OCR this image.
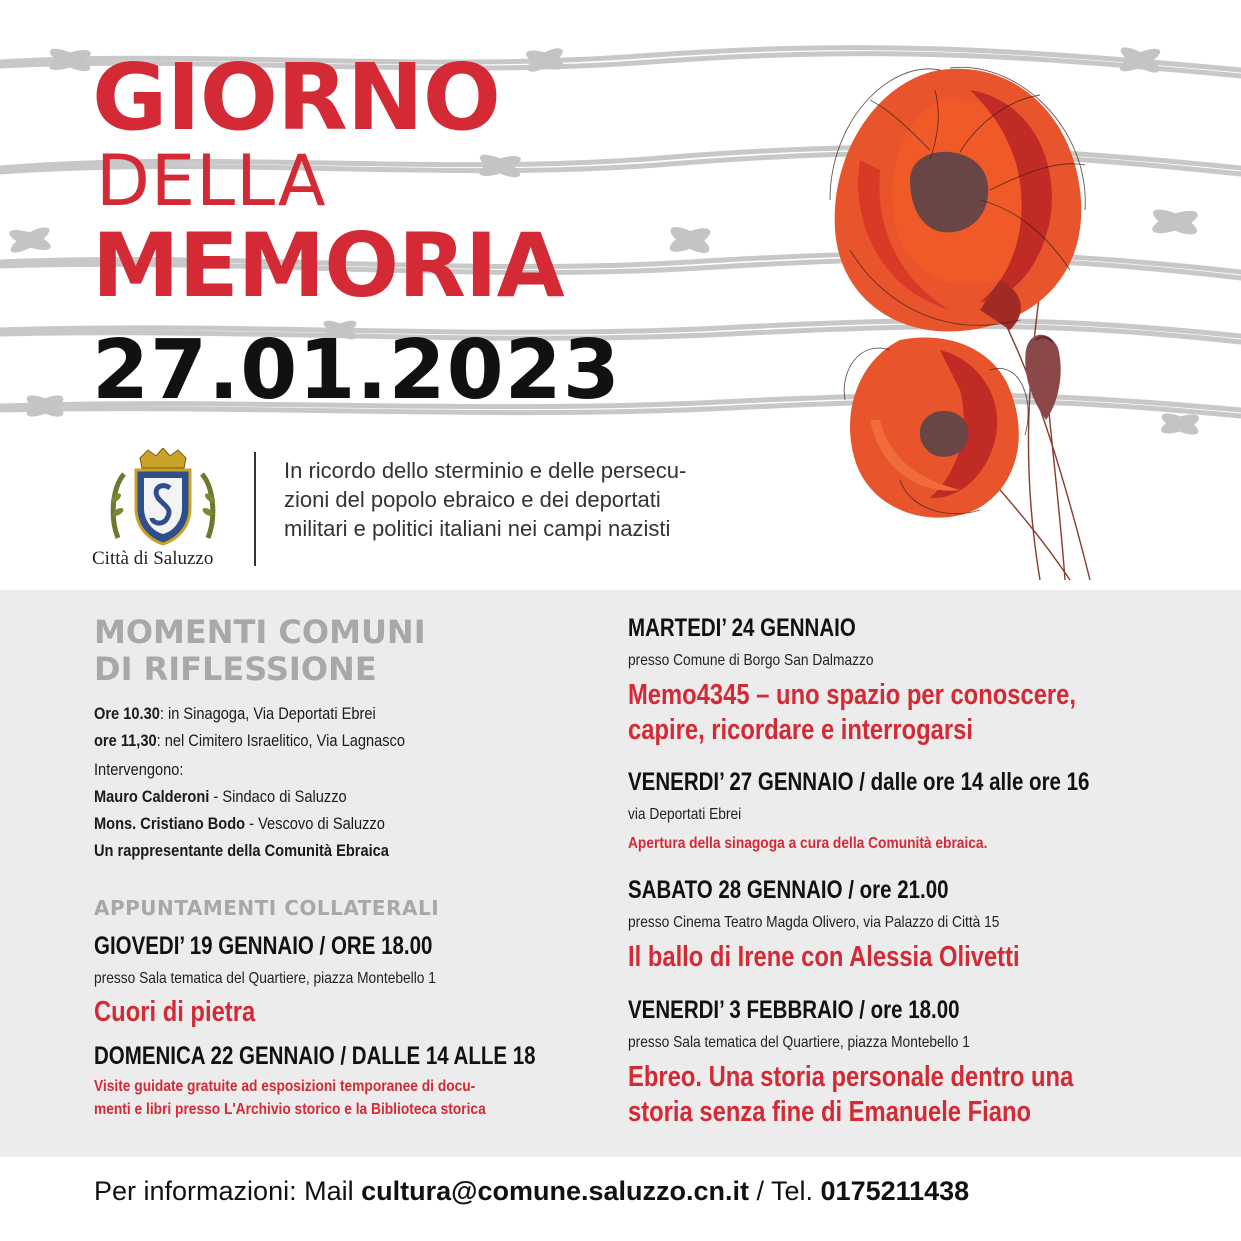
GIORNO
DELLA
MEMORIA
27.01.2023
Città di Saluzzo
In ricordo dello sterminio e delle persecu-
zioni del popolo ebraico e dei deportati
militari e politici italiani nei campi nazisti
MOMENTI COMUNI
DI RIFLESSIONE
Ore 10.30: in Sinagoga, Via Deportati Ebrei
ore 11,30: nel Cimitero Israelitico, Via Lagnasco
Intervengono:
Mauro Calderoni - Sindaco di Saluzzo
Mons. Cristiano Bodo - Vescovo di Saluzzo
Un rappresentante della Comunità Ebraica
APPUNTAMENTI COLLATERALI
GIOVEDI’ 19 GENNAIO / ORE 18.00
presso Sala tematica del Quartiere, piazza Montebello 1
Cuori di pietra
DOMENICA 22 GENNAIO / DALLE 14 ALLE 18
Visite guidate gratuite ad esposizioni temporanee di docu-
menti e libri presso L'Archivio storico e la Biblioteca storica
MARTEDI’ 24 GENNAIO
presso Comune di Borgo San Dalmazzo
Memo4345 – uno spazio per conoscere,
capire, ricordare e interrogarsi
VENERDI’ 27 GENNAIO / dalle ore 14 alle ore 16
via Deportati Ebrei
Apertura della sinagoga a cura della Comunità ebraica.
SABATO 28 GENNAIO / ore 21.00
presso Cinema Teatro Magda Olivero, via Palazzo di Città 15
Il ballo di Irene con Alessia Olivetti
VENERDI’ 3 FEBBRAIO / ore 18.00
presso Sala tematica del Quartiere, piazza Montebello 1
Ebreo. Una storia personale dentro una
storia senza fine di Emanuele Fiano
Per informazioni: Mail cultura@comune.saluzzo.cn.it / Tel. 0175211438
